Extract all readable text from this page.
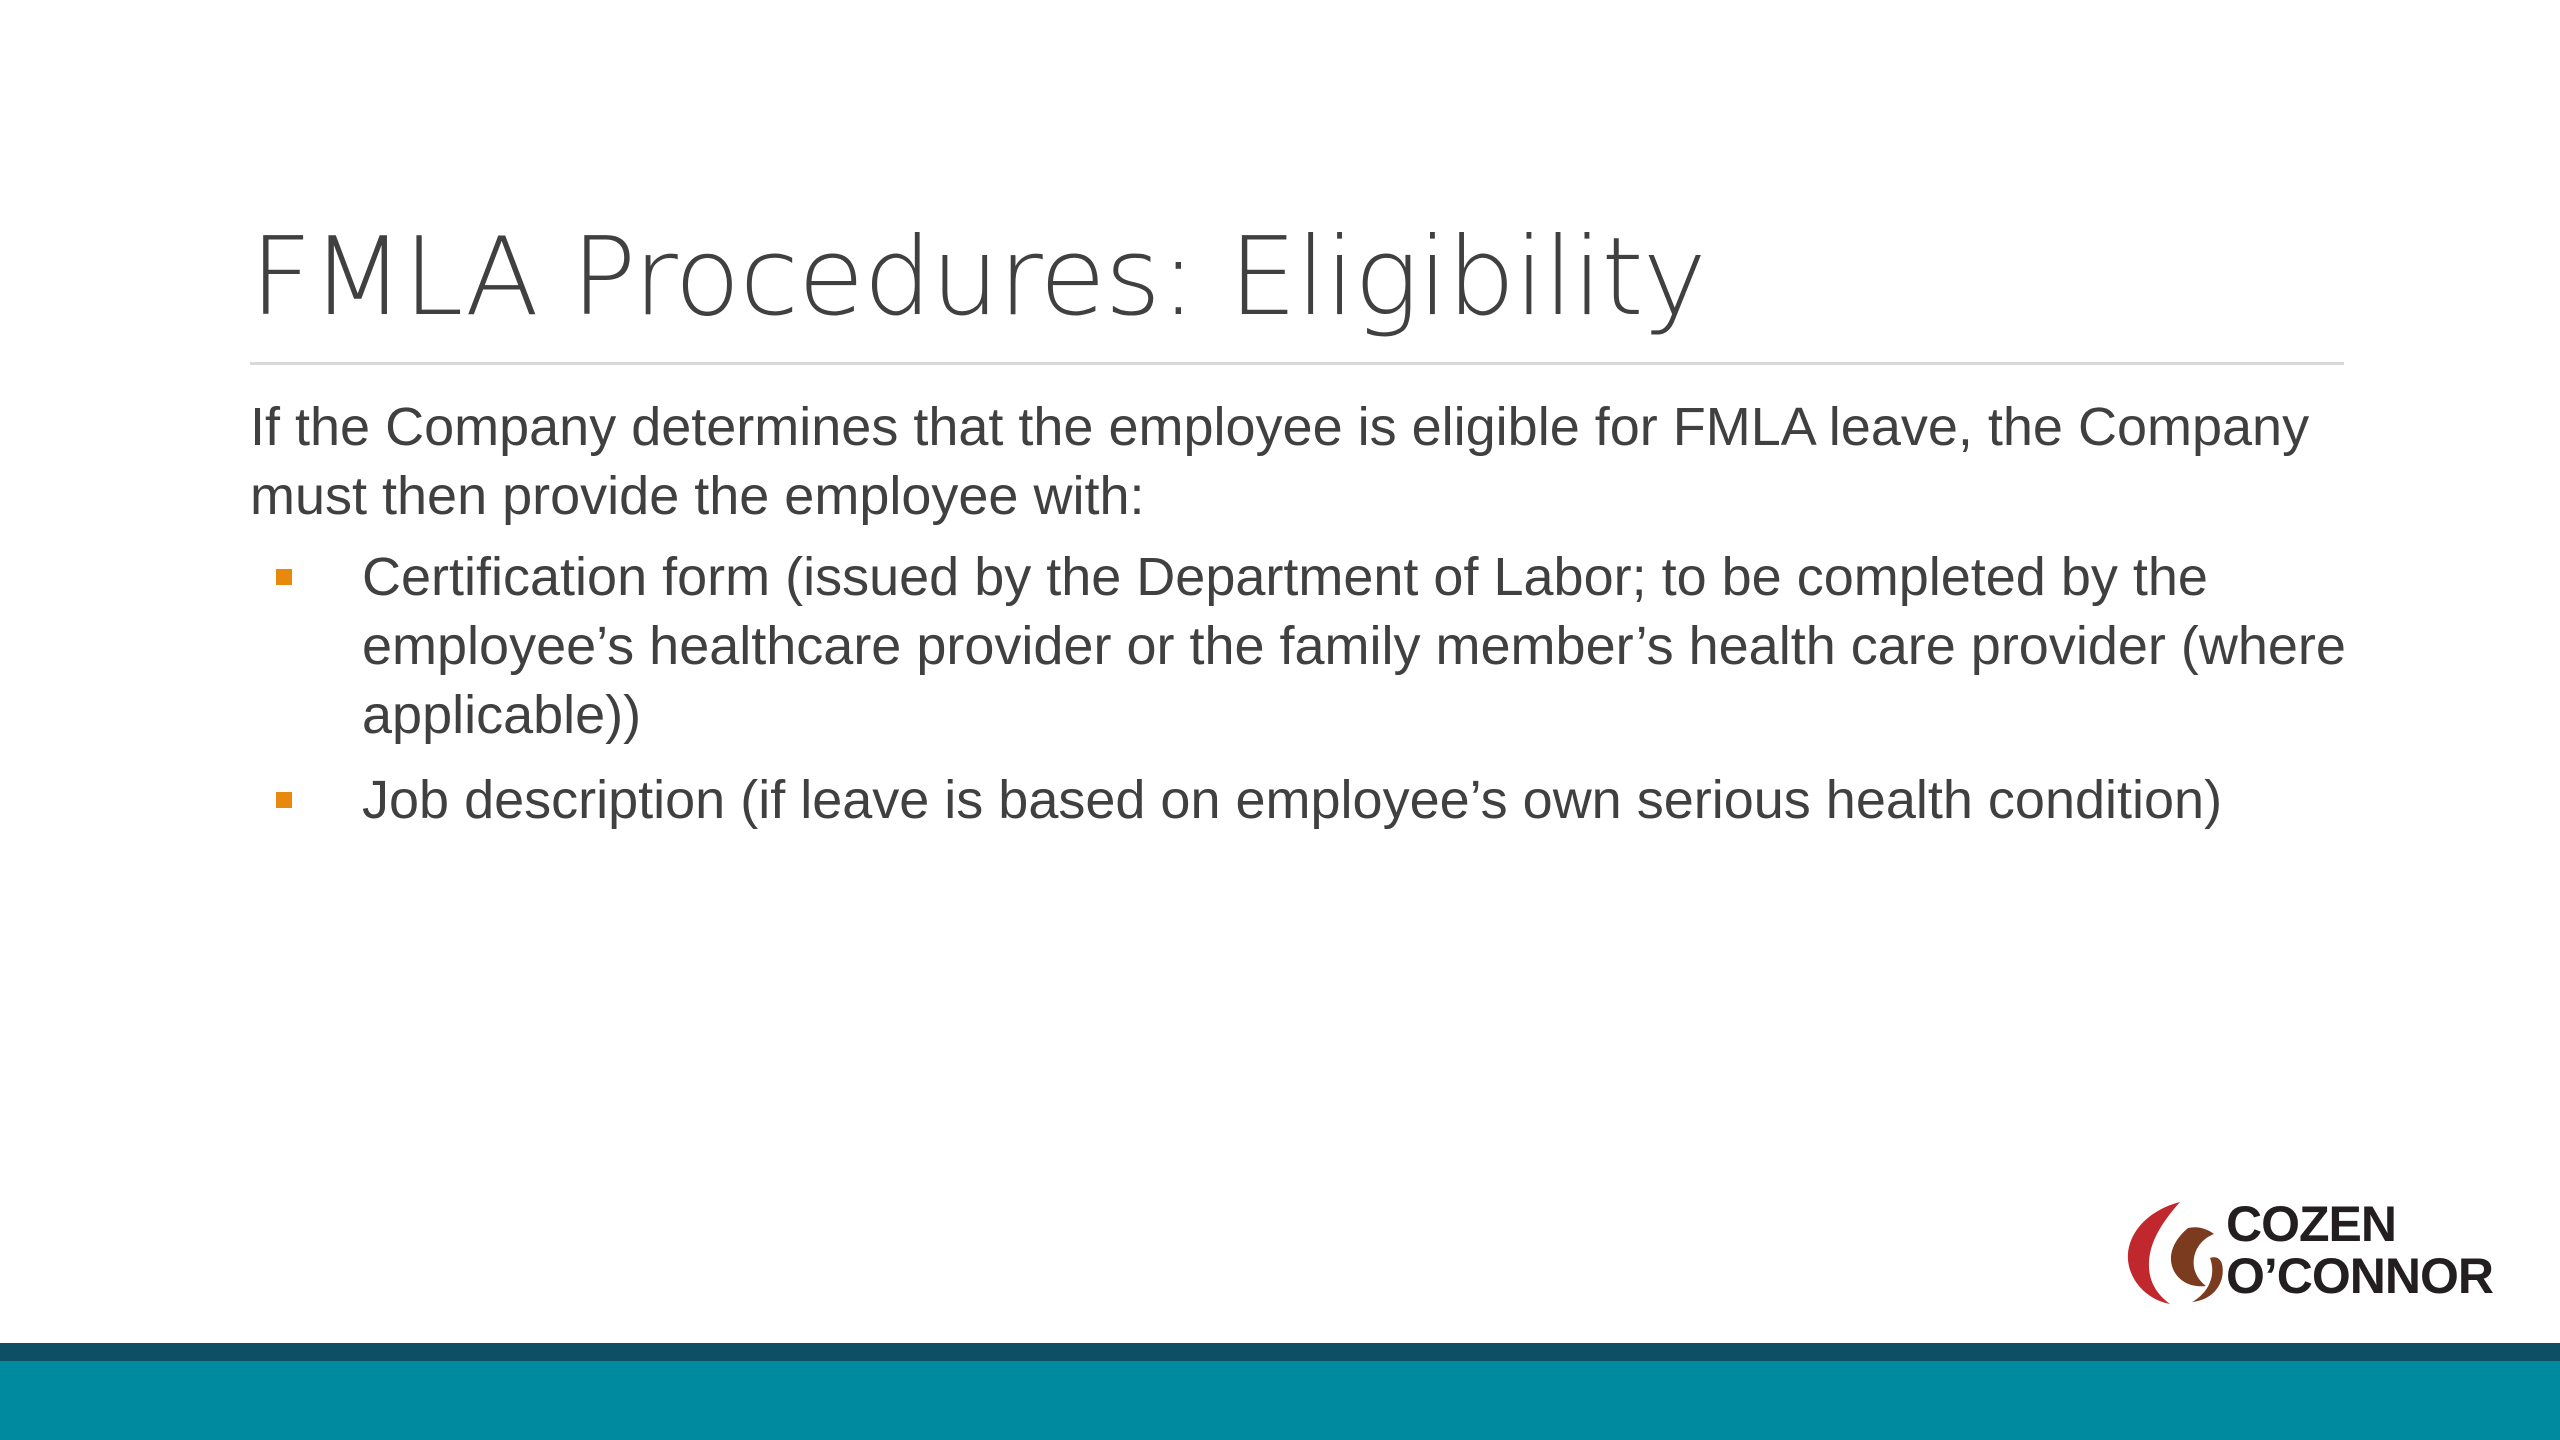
FMLA Procedures: Eligibility

If the Company determines that the employee is eligible for FMLA leave, the Company must then provide the employee with:

Certification form (issued by the Department of Labor; to be completed by the employee’s healthcare provider or the family member’s health care provider (where applicable))
Job description (if leave is based on employee’s own serious health condition)
COZEN
O’CONNOR
